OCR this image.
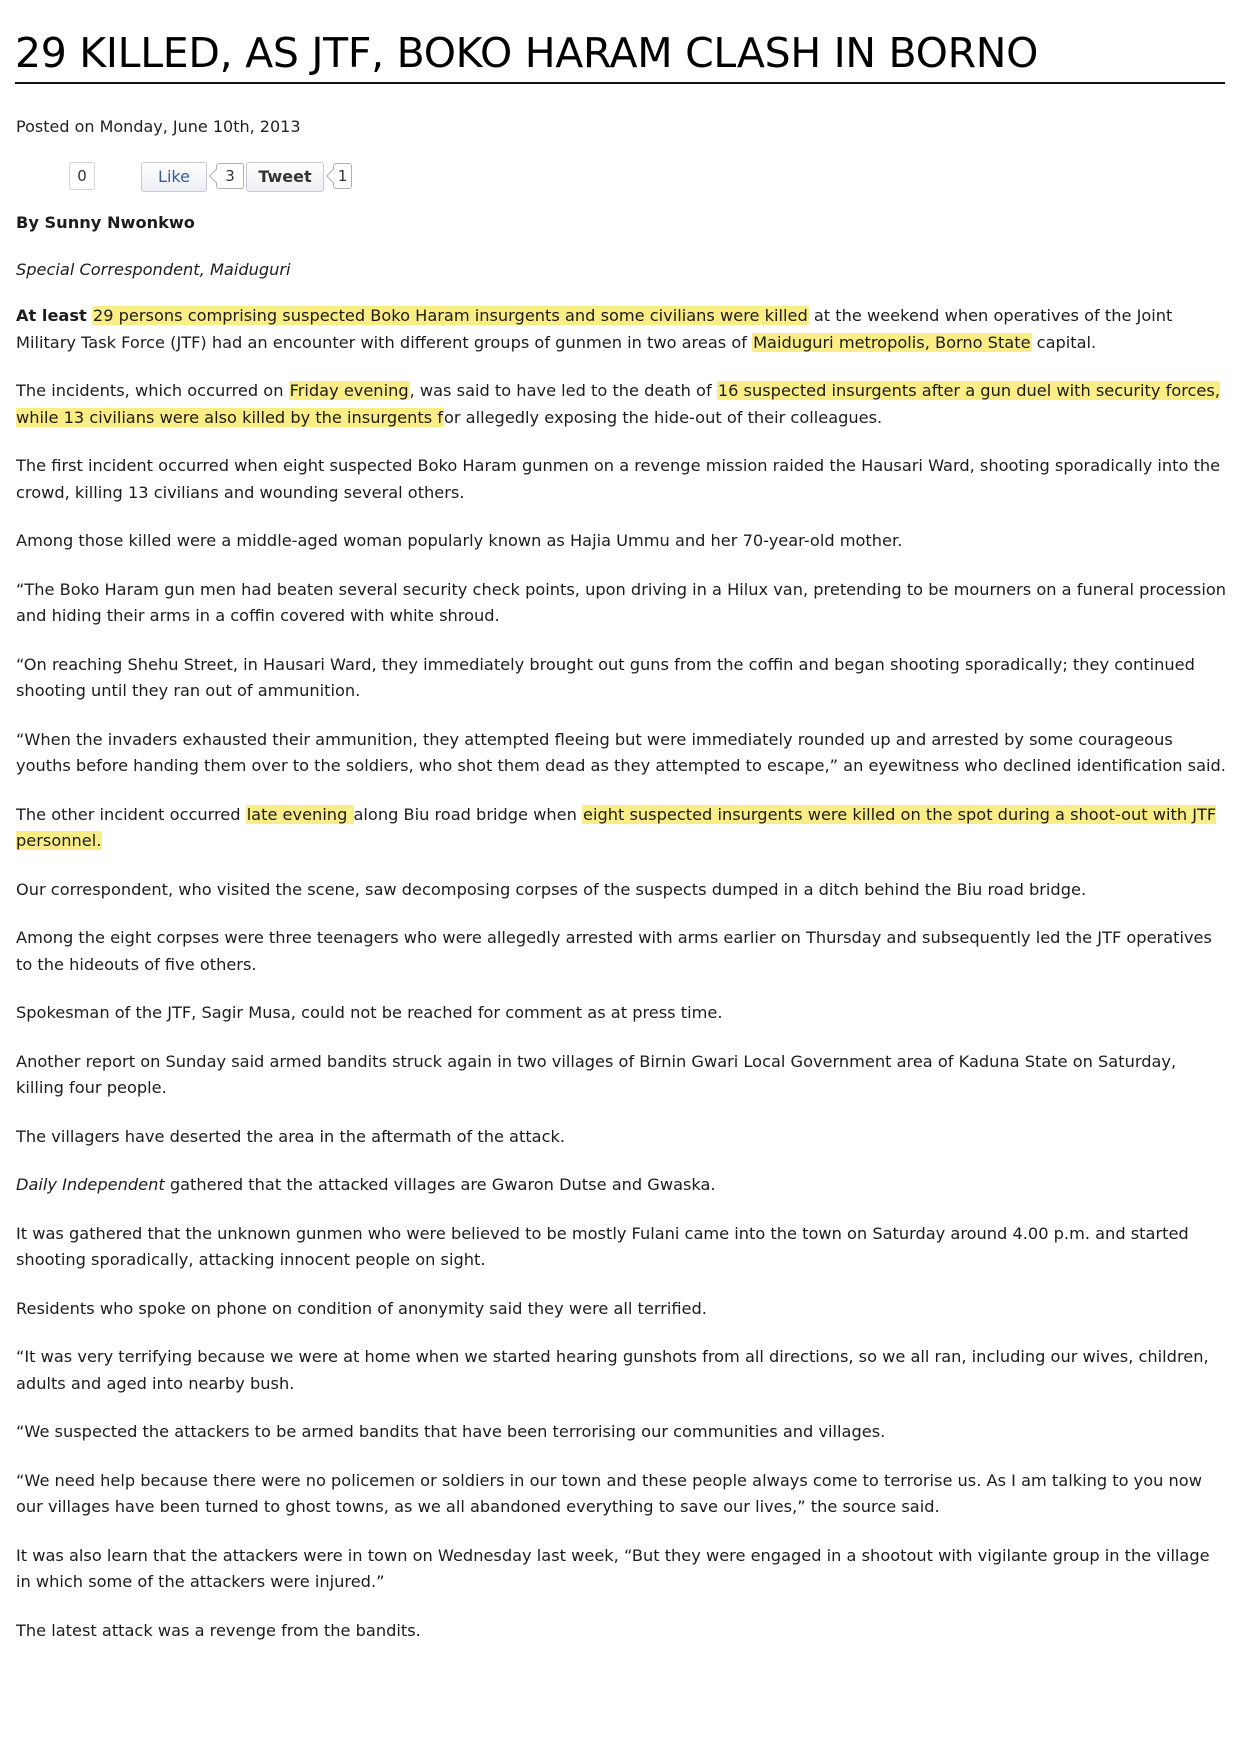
29 KILLED, AS JTF, BOKO HARAM CLASH IN BORNO
Posted on Monday, June 10th, 2013
0	Like	3	Tweet	1

By Sunny Nwonkwo

Special Correspondent, Maiduguri

At least 29 persons comprising suspected Boko Haram insurgents and some civilians were killed at the weekend when operatives of the Joint Military Task Force (JTF) had an encounter with different groups of gunmen in two areas of Maiduguri metropolis, Borno State capital.

The incidents, which occurred on Friday evening, was said to have led to the death of 16 suspected insurgents after a gun duel with security forces, while 13 civilians were also killed by the insurgents for allegedly exposing the hide-out of their colleagues.

The first incident occurred when eight suspected Boko Haram gunmen on a revenge mission raided the Hausari Ward, shooting sporadically into the crowd, killing 13 civilians and wounding several others.

Among those killed were a middle-aged woman popularly known as Hajia Ummu and her 70-year-old mother.

“The Boko Haram gun men had beaten several security check points, upon driving in a Hilux van, pretending to be mourners on a funeral procession and hiding their arms in a coffin covered with white shroud.

“On reaching Shehu Street, in Hausari Ward, they immediately brought out guns from the coffin and began shooting sporadically; they continued shooting until they ran out of ammunition.

“When the invaders exhausted their ammunition, they attempted fleeing but were immediately rounded up and arrested by some courageous youths before handing them over to the soldiers, who shot them dead as they attempted to escape,” an eyewitness who declined identification said.

The other incident occurred late evening along Biu road bridge when eight suspected insurgents were killed on the spot during a shoot-out with JTF personnel.

Our correspondent, who visited the scene, saw decomposing corpses of the suspects dumped in a ditch behind the Biu road bridge.

Among the eight corpses were three teenagers who were allegedly arrested with arms earlier on Thursday and subsequently led the JTF operatives to the hideouts of five others.

Spokesman of the JTF, Sagir Musa, could not be reached for comment as at press time.

Another report on Sunday said armed bandits struck again in two villages of Birnin Gwari Local Government area of Kaduna State on Saturday, killing four people.

The villagers have deserted the area in the aftermath of the attack.

Daily Independent gathered that the attacked villages are Gwaron Dutse and Gwaska.

It was gathered that the unknown gunmen who were believed to be mostly Fulani came into the town on Saturday around 4.00 p.m. and started shooting sporadically, attacking innocent people on sight.

Residents who spoke on phone on condition of anonymity said they were all terrified.

“It was very terrifying because we were at home when we started hearing gunshots from all directions, so we all ran, including our wives, children, adults and aged into nearby bush.

“We suspected the attackers to be armed bandits that have been terrorising our communities and villages.

“We need help because there were no policemen or soldiers in our town and these people always come to terrorise us. As I am talking to you now our villages have been turned to ghost towns, as we all abandoned everything to save our lives,” the source said.

It was also learn that the attackers were in town on Wednesday last week, “But they were engaged in a shootout with vigilante group in the village in which some of the attackers were injured.”

The latest attack was a revenge from the bandits.
